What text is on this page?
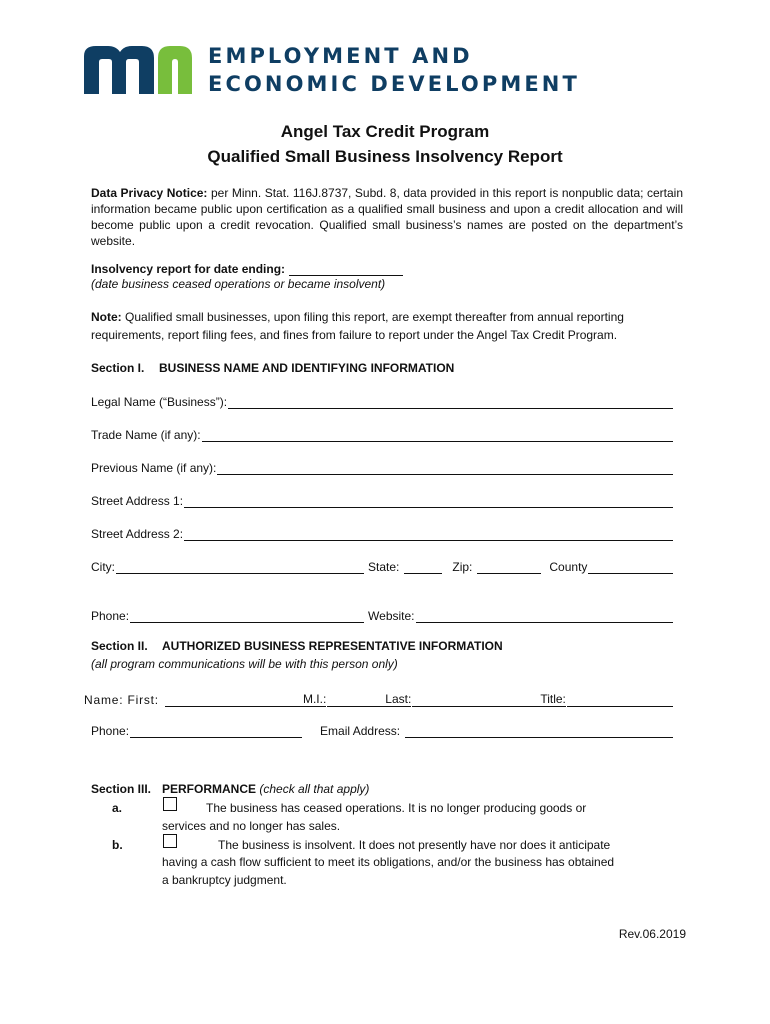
EMPLOYMENT AND
ECONOMIC DEVELOPMENT
Angel Tax Credit Program
Qualified Small Business Insolvency Report
Data Privacy Notice: per Minn. Stat. 116J.8737, Subd. 8, data provided in this report is nonpublic data; certain information became public upon certification as a qualified small business and upon a credit allocation and will become public upon a credit revocation. Qualified small business’s names are posted on the department’s website.
Insolvency report for date ending:
(date business ceased operations or became insolvent)
Note: Qualified small businesses, upon filing this report, are exempt thereafter from annual reporting requirements, report filing fees, and fines from failure to report under the Angel Tax Credit Program.
Section I. BUSINESS NAME AND IDENTIFYING INFORMATION
Legal Name (“Business”):
Trade Name (if any):
Previous Name (if any):
Street Address 1:
Street Address 2:
City:	State:	Zip:	County
Phone:	Website:
Section II. AUTHORIZED BUSINESS REPRESENTATIVE INFORMATION
(all program communications will be with this person only)
Name: First:	M.I.:	Last:	Title:
Phone:	Email Address:
Section III. PERFORMANCE (check all that apply)
a.	The business has ceased operations. It is no longer producing goods or
services and no longer has sales.
b.	The business is insolvent. It does not presently have nor does it anticipate
having a cash flow sufficient to meet its obligations, and/or the business has obtained
a bankruptcy judgment.
Rev.06.2019
